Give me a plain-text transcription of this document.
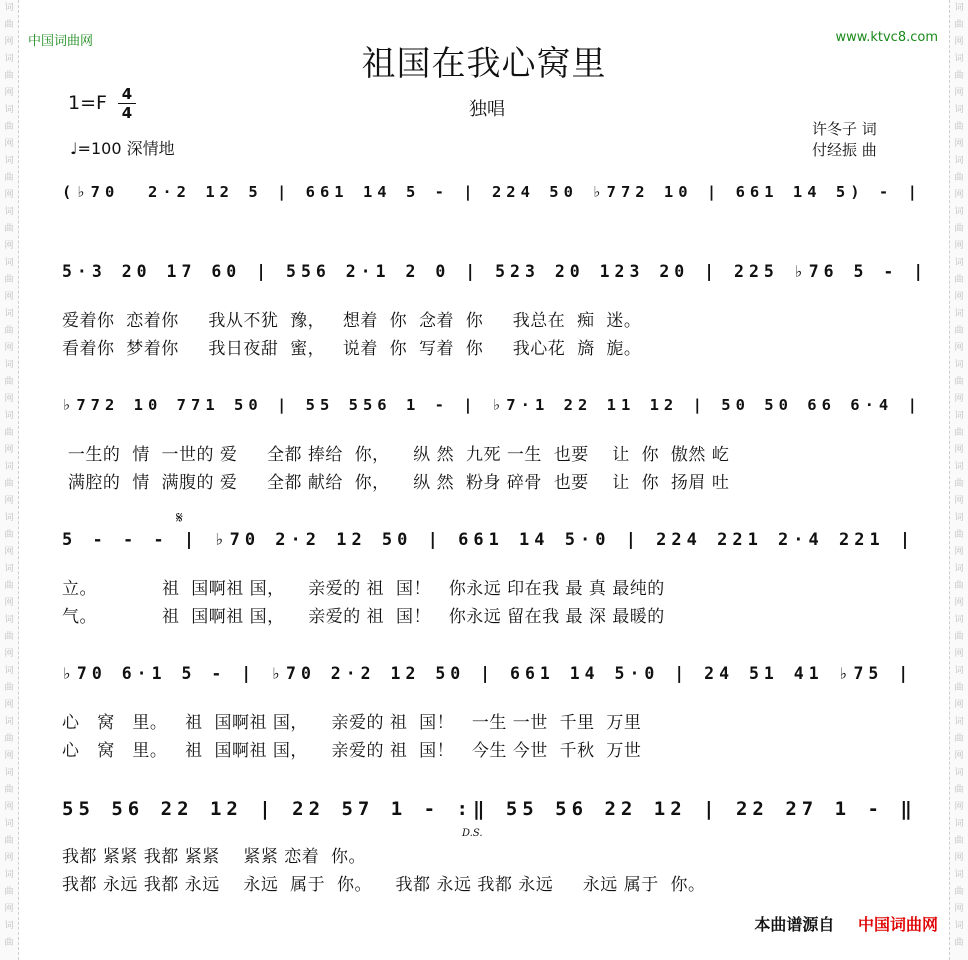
词
曲
网
词
曲
网
词
曲
网
词
曲
网
词
曲
网
词
曲
网
词
曲
网
词
曲
网
词
曲
网
词
曲
网
词
曲
网
词
曲
网
词
曲
网
词
曲
网
词
曲
网
词
曲
网
词
曲
网
词
曲
网
词
曲
词
曲
网
词
曲
网
词
曲
网
词
曲
网
词
曲
网
词
曲
网
词
曲
网
词
曲
网
词
曲
网
词
曲
网
词
曲
网
词
曲
网
词
曲
网
词
曲
网
词
曲
网
词
曲
网
词
曲
网
词
曲
网
词
曲
中国词曲网	www.ktvc8.com
祖国在我心窝里
1=F 4
4	独唱
♩=100 深情地
许冬子 词
付经振 曲
(♭70  2·2 12 5 | 661 14 5 - | 224 50 ♭772 10 | 661 14 5) - |
5·3 20 17 60 | 556 2·1 2 0 | 523 20 123 20 | 225 ♭76 5 - |
爱着你  恋着你     我从不犹  豫，   想着  你  念着  你     我总在  痴  迷。
看着你  梦着你     我日夜甜  蜜，   说着  你  写着  你     我心花  旖  旎。
♭772 10 771 50 | 55 556 1 - | ♭7·1 22 11 12 | 50 50 66 6·4 |
一生的  情  一世的 爱     全都 捧给  你，    纵 然  九死 一生  也要    让  你  傲然 屹
满腔的  情  满腹的 爱     全都 献给  你，    纵 然  粉身 碎骨  也要    让  你  扬眉 吐
𝄋
5 - - - | ♭70 2·2 12 50 | 661 14 5·0 | 224 221 2·4 221 |
立。           祖  国啊祖 国，    亲爱的 祖  国！   你永远 印在我 最 真 最纯的
气。           祖  国啊祖 国，    亲爱的 祖  国！   你永远 留在我 最 深 最暖的
♭70 6·1 5 - | ♭70 2·2 12 50 | 661 14 5·0 | 24 51 41 ♭75 |
心   窝   里。   祖  国啊祖 国，    亲爱的 祖  国！   一生 一世  千里  万里
心   窝   里。   祖  国啊祖 国，    亲爱的 祖  国！   今生 今世  千秋  万世
55 56 22 12 | 22 57 1 - :‖ 55 56 22 12 | 22 27 1 - ‖
D.S.
我都 紧紧 我都 紧紧    紧紧 恋着  你。
我都 永远 我都 永远    永远  属于  你。    我都 永远 我都 永远     永远 属于  你。
本曲谱源自 中国词曲网
